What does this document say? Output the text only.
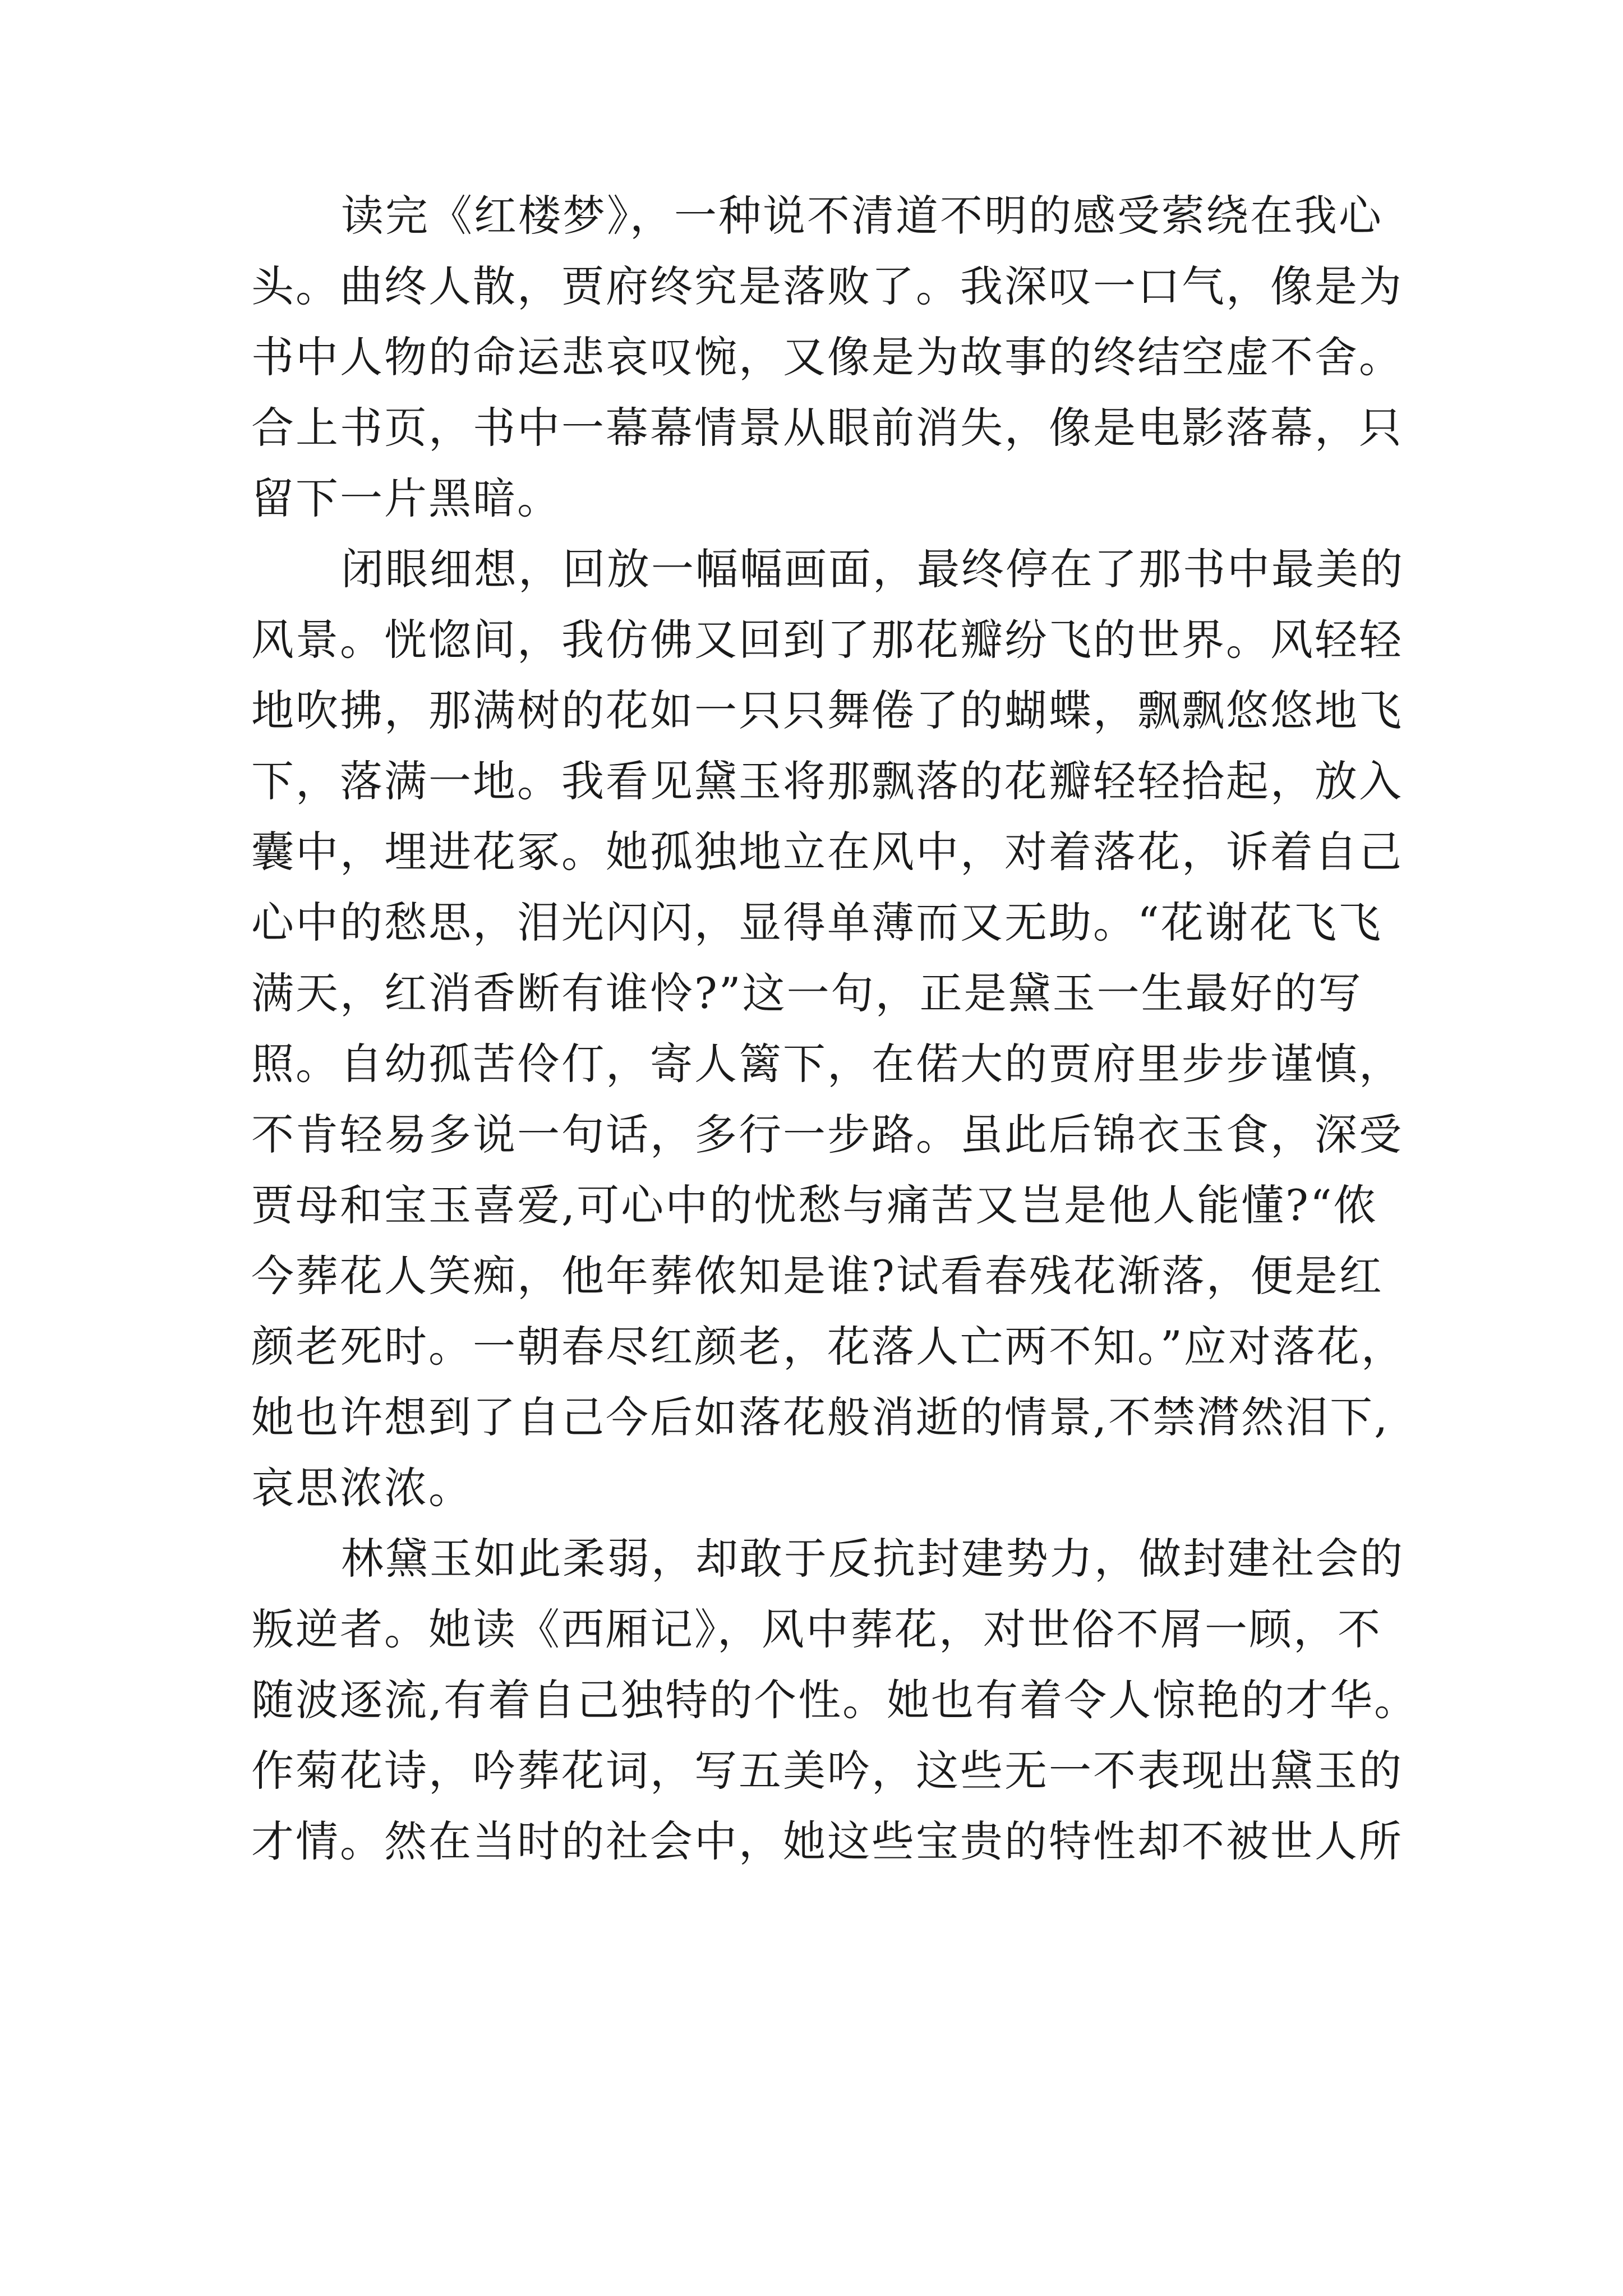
读完《红楼梦》，一种说不清道不明的感受萦绕在我心
头。曲终人散，贾府终究是落败了。我深叹一口气，像是为
书中人物的命运悲哀叹惋，又像是为故事的终结空虚不舍。
合上书页，书中一幕幕情景从眼前消失，像是电影落幕，只
留下一片黑暗。
闭眼细想，回放一幅幅画面，最终停在了那书中最美的
风景。恍惚间，我仿佛又回到了那花瓣纷飞的世界。风轻轻
地吹拂，那满树的花如一只只舞倦了的蝴蝶，飘飘悠悠地飞
下，落满一地。我看见黛玉将那飘落的花瓣轻轻拾起，放入
囊中，埋进花冢。她孤独地立在风中，对着落花，诉着自己
心中的愁思，泪光闪闪，显得单薄而又无助。“花谢花飞飞
满天，红消香断有谁怜?”这一句，正是黛玉一生最好的写
照。自幼孤苦伶仃，寄人篱下，在偌大的贾府里步步谨慎，
不肯轻易多说一句话，多行一步路。虽此后锦衣玉食，深受
贾母和宝玉喜爱,可心中的忧愁与痛苦又岂是他人能懂?“侬
今葬花人笑痴，他年葬侬知是谁?试看春残花渐落，便是红
颜老死时。一朝春尽红颜老，花落人亡两不知。”应对落花，
她也许想到了自己今后如落花般消逝的情景,不禁潸然泪下,
哀思浓浓。
林黛玉如此柔弱，却敢于反抗封建势力，做封建社会的
叛逆者。她读《西厢记》，风中葬花，对世俗不屑一顾，不
随波逐流,有着自己独特的个性。她也有着令人惊艳的才华。
作菊花诗，吟葬花词，写五美吟，这些无一不表现出黛玉的
才情。然在当时的社会中，她这些宝贵的特性却不被世人所
